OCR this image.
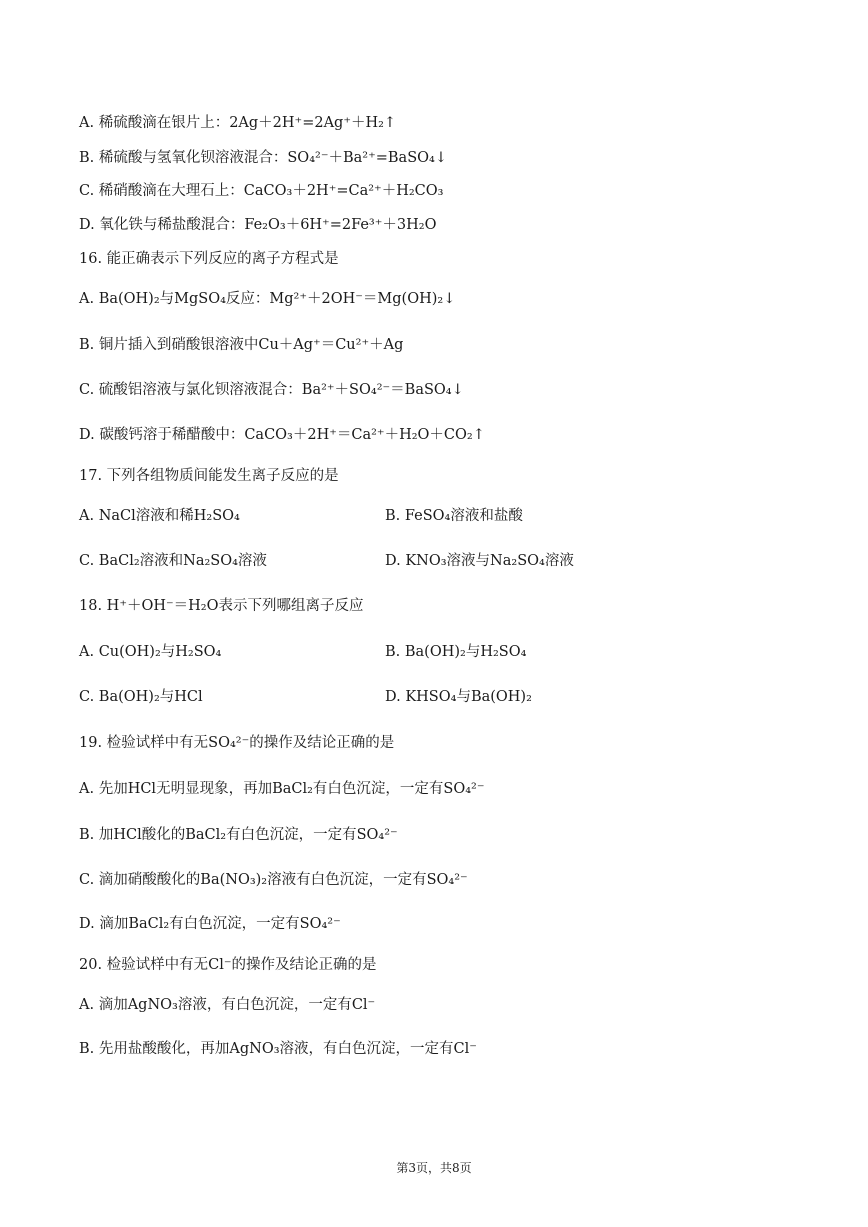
A. 稀硫酸滴在银片上：2Ag＋2H⁺=2Ag⁺＋H₂↑
B. 稀硫酸与氢氧化钡溶液混合：SO₄²⁻＋Ba²⁺=BaSO₄↓
C. 稀硝酸滴在大理石上：CaCO₃＋2H⁺=Ca²⁺＋H₂CO₃
D. 氧化铁与稀盐酸混合：Fe₂O₃＋6H⁺=2Fe³⁺＋3H₂O
16. 能正确表示下列反应的离子方程式是
A. Ba(OH)₂与MgSO₄反应：Mg²⁺＋2OH⁻＝Mg(OH)₂↓
B. 铜片插入到硝酸银溶液中Cu＋Ag⁺＝Cu²⁺＋Ag
C. 硫酸铝溶液与氯化钡溶液混合：Ba²⁺＋SO₄²⁻＝BaSO₄↓
D. 碳酸钙溶于稀醋酸中：CaCO₃＋2H⁺＝Ca²⁺＋H₂O＋CO₂↑
17. 下列各组物质间能发生离子反应的是
A. NaCl溶液和稀H₂SO₄	B. FeSO₄溶液和盐酸
C. BaCl₂溶液和Na₂SO₄溶液	D. KNO₃溶液与Na₂SO₄溶液
18. H⁺＋OH⁻＝H₂O表示下列哪组离子反应
A. Cu(OH)₂与H₂SO₄	B. Ba(OH)₂与H₂SO₄
C. Ba(OH)₂与HCl	D. KHSO₄与Ba(OH)₂
19. 检验试样中有无SO₄²⁻的操作及结论正确的是
A. 先加HCl无明显现象，再加BaCl₂有白色沉淀，一定有SO₄²⁻
B. 加HCl酸化的BaCl₂有白色沉淀，一定有SO₄²⁻
C. 滴加硝酸酸化的Ba(NO₃)₂溶液有白色沉淀，一定有SO₄²⁻
D. 滴加BaCl₂有白色沉淀，一定有SO₄²⁻
20. 检验试样中有无Cl⁻的操作及结论正确的是
A. 滴加AgNO₃溶液，有白色沉淀，一定有Cl⁻
B. 先用盐酸酸化，再加AgNO₃溶液，有白色沉淀，一定有Cl⁻
第3页，共8页
